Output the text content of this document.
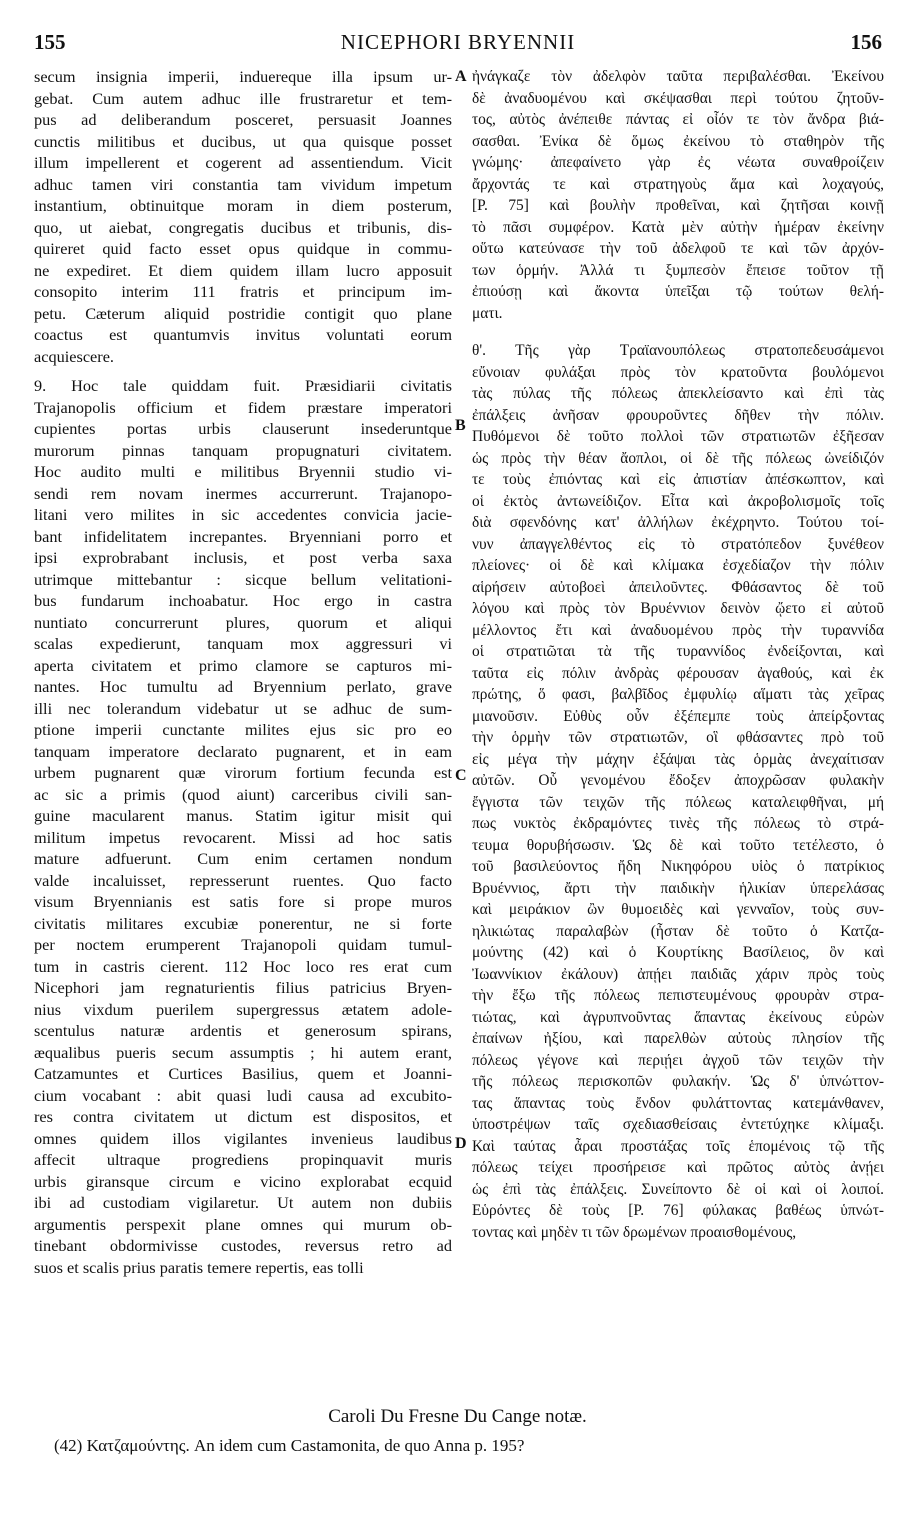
155	NICEPHORI BRYENNII	156
secum insignia imperii, induereque illa ipsum ur-
gebat. Cum autem adhuc ille frustraretur et tem-
pus ad deliberandum posceret, persuasit Joannes
cunctis militibus et ducibus, ut qua quisque posset
illum impellerent et cogerent ad assentiendum. Vicit
adhuc tamen viri constantia tam vividum impetum
instantium, obtinuitque moram in diem posterum,
quo, ut aiebat, congregatis ducibus et tribunis, dis-
quireret quid facto esset opus quidque in commu-
ne expediret. Et diem quidem illam lucro apposuit
consopito interim 111 fratris et principum im-
petu. Cæterum aliquid postridie contigit quo plane
coactus est quantumvis invitus voluntati eorum
acquiescere.
9. Hoc tale quiddam fuit. Præsidiarii civitatis
Trajanopolis officium et fidem præstare imperatori
cupientes portas urbis clauserunt insederuntque
murorum pinnas tanquam propugnaturi civitatem.
Hoc audito multi e militibus Bryennii studio vi-
sendi rem novam inermes accurrerunt. Trajanopo-
litani vero milites in sic accedentes convicia jacie-
bant infidelitatem increpantes. Bryenniani porro et
ipsi exprobrabant inclusis, et post verba saxa
utrimque mittebantur : sicque bellum velitationi-
bus fundarum inchoabatur. Hoc ergo in castra
nuntiato concurrerunt plures, quorum et aliqui
scalas expedierunt, tanquam mox aggressuri vi
aperta civitatem et primo clamore se capturos mi-
nantes. Hoc tumultu ad Bryennium perlato, grave
illi nec tolerandum videbatur ut se adhuc de sum-
ptione imperii cunctante milites ejus sic pro eo
tanquam imperatore declarato pugnarent, et in eam
urbem pugnarent quæ virorum fortium fecunda est
ac sic a primis (quod aiunt) carceribus civili san-
guine macularent manus. Statim igitur misit qui
militum impetus revocarent. Missi ad hoc satis
mature adfuerunt. Cum enim certamen nondum
valde incaluisset, represserunt ruentes. Quo facto
visum Bryennianis est satis fore si prope muros
civitatis militares excubiæ ponerentur, ne si forte
per noctem erumperent Trajanopoli quidam tumul-
tum in castris cierent. 112 Hoc loco res erat cum
Nicephori jam regnaturientis filius patricius Bryen-
nius vixdum puerilem supergressus ætatem adole-
scentulus naturæ ardentis et generosum spirans,
æqualibus pueris secum assumptis ; hi autem erant,
Catzamuntes et Curtices Basilius, quem et Joanni-
cium vocabant : abit quasi ludi causa ad excubito-
res contra civitatem ut dictum est dispositos, et
omnes quidem illos vigilantes invenieus laudibus
affecit ultraque progrediens propinquavit muris
urbis giransque circum e vicino explorabat ecquid
ibi ad custodiam vigilaretur. Ut autem non dubiis
argumentis perspexit plane omnes qui murum ob-
tinebant obdormivisse custodes, reversus retro ad
suos et scalis prius paratis temere repertis, eas tolli
ἠνάγκαζε τὸν ἀδελφὸν ταῦτα περιβαλέσθαι. Ἐκείνου
δὲ ἀναδυομένου καὶ σκέψασθαι περὶ τούτου ζητοῦν-
τος, αὐτὸς ἀνέπειθε πάντας εἰ οἷόν τε τὸν ἄνδρα βιά-
σασθαι. Ἐνίκα δὲ ὅμως ἐκείνου τὸ σταθηρὸν τῆς
γνώμης· ἀπεφαίνετο γὰρ ἐς νέωτα συναθροίζειν
ἄρχοντάς τε καὶ στρατηγοὺς ἅμα καὶ λοχαγούς,
[P. 75] καὶ βουλὴν προθεῖναι, καὶ ζητῆσαι κοινῇ
τὸ πᾶσι συμφέρον. Κατὰ μὲν αὐτὴν ἡμέραν ἐκείνην
οὕτω κατεύνασε τὴν τοῦ ἀδελφοῦ τε καὶ τῶν ἀρχόν-
των ὁρμήν. Ἀλλά τι ξυμπεσὸν ἔπεισε τοῦτον τῇ
ἐπιούσῃ καὶ ἄκοντα ὑπεῖξαι τῷ τούτων θελή-
ματι.
θ'. Τῆς γὰρ Τραϊανουπόλεως στρατοπεδευσάμενοι
εὔνοιαν φυλάξαι πρὸς τὸν κρατοῦντα βουλόμενοι
τὰς πύλας τῆς πόλεως ἀπεκλείσαντο καὶ ἐπὶ τὰς
ἐπάλξεις ἀνῆσαν φρουροῦντες δῆθεν τὴν πόλιν.
Πυθόμενοι δὲ τοῦτο πολλοὶ τῶν στρατιωτῶν ἐξῆεσαν
ὡς πρὸς τὴν θέαν ἄοπλοι, οἱ δὲ τῆς πόλεως ὠνείδιζόν
τε τοὺς ἐπιόντας καὶ εἰς ἀπιστίαν ἀπέσκωπτον, καὶ
οἱ ἐκτὸς ἀντωνείδιζον. Εἶτα καὶ ἀκροβολισμοῖς τοῖς
διὰ σφενδόνης κατ' ἀλλήλων ἐκέχρηντο. Τούτου τοί-
νυν ἀπαγγελθέντος εἰς τὸ στρατόπεδον ξυνέθεον
πλείονες· οἱ δὲ καὶ κλίμακα ἐσχεδίαζον τὴν πόλιν
αἱρήσειν αὐτοβοεὶ ἀπειλοῦντες. Φθάσαντος δὲ τοῦ
λόγου καὶ πρὸς τὸν Βρυέννιον δεινὸν ᾤετο εἰ αὐτοῦ
μέλλοντος ἔτι καὶ ἀναδυομένου πρὸς τὴν τυραννίδα
οἱ στρατιῶται τὰ τῆς τυραννίδος ἐνδείξονται, καὶ
ταῦτα εἰς πόλιν ἀνδρὰς φέρουσαν ἀγαθούς, καὶ ἐκ
πρώτης, ὅ φασι, βαλβῖδος ἐμφυλίῳ αἵματι τὰς χεῖρας
μιανοῦσιν. Εὐθὺς οὖν ἐξέπεμπε τοὺς ἀπείρξοντας
τὴν ὁρμὴν τῶν στρατιωτῶν, οἳ φθάσαντες πρὸ τοῦ
εἰς μέγα τὴν μάχην ἐξάψαι τὰς ὁρμὰς ἀνεχαίτισαν
αὐτῶν. Οὗ γενομένου ἔδοξεν ἀποχρῶσαν φυλακὴν
ἔγγιστα τῶν τειχῶν τῆς πόλεως καταλειφθῆναι, μή
πως νυκτὸς ἐκδραμόντες τινὲς τῆς πόλεως τὸ στρά-
τευμα θορυβήσωσιν. Ὡς δὲ καὶ τοῦτο τετέλεστο, ὁ
τοῦ βασιλεύοντος ἤδη Νικηφόρου υἱὸς ὁ πατρίκιος
Βρυέννιος, ἄρτι τὴν παιδικὴν ἡλικίαν ὑπερελάσας
καὶ μειράκιον ὢν θυμοειδὲς καὶ γενναῖον, τοὺς συν-
ηλικιώτας παραλαβὼν (ἦσταν δὲ τοῦτο ὁ Κατζα-
μούντης (42) καὶ ὁ Κουρτίκης Βασίλειος, ὃν καὶ
Ἰωαννίκιον ἐκάλουν) ἀπῄει παιδιᾶς χάριν πρὸς τοὺς
τὴν ἔξω τῆς πόλεως πεπιστευμένους φρουρὰν στρα-
τιώτας, καὶ ἀγρυπνοῦντας ἅπαντας ἐκείνους εὑρὼν
ἐπαίνων ἠξίου, καὶ παρελθὼν αὐτοὺς πλησίον τῆς
πόλεως γέγονε καὶ περιῄει ἀγχοῦ τῶν τειχῶν τὴν
τῆς πόλεως περισκοπῶν φυλακήν. Ὡς δ' ὑπνώττον-
τας ἅπαντας τοὺς ἔνδον φυλάττοντας κατεμάνθανεν,
ὑποστρέψων ταῖς σχεδιασθείσαις ἐντετύχηκε κλίμαξι.
Καὶ ταύτας ἆραι προστάξας τοῖς ἑπομένοις τῷ τῆς
πόλεως τείχει προσήρεισε καὶ πρῶτος αὐτὸς ἀνῄει
ὡς ἐπὶ τὰς ἐπάλξεις. Συνείποντο δὲ οἱ καὶ οἱ λοιποί.
Εὑρόντες δὲ τοὺς [P. 76] φύλακας βαθέως ὑπνώτ-
τοντας καὶ μηδὲν τι τῶν δρωμένων προαισθομένους,
A
B
C
D
Caroli Du Fresne Du Cange notæ.
(42) Κατζαμούντης. An idem cum Castamonita, de quo Anna p. 195?
